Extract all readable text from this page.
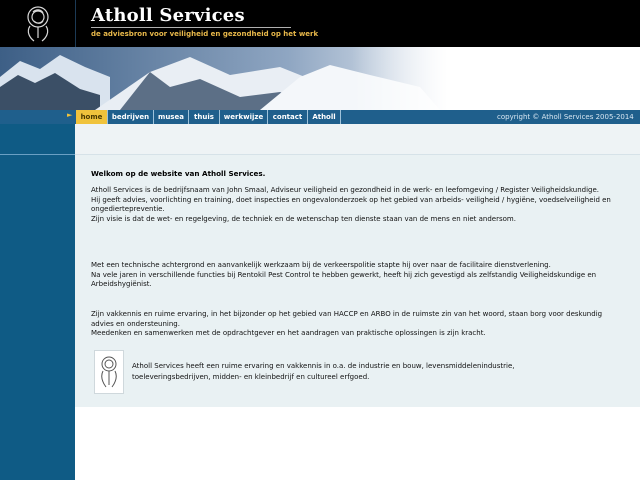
Atholl Services
de adviesbron voor veiligheid en gezondheid op het werk
►	home	bedrijven	musea	thuis	werkwijze	contact	Atholl	copyright © Atholl Services 2005-2014
Welkom op de website van Atholl Services.

Atholl Services is de bedrijfsnaam van John Smaal, Adviseur veiligheid en gezondheid in de werk- en leefomgeving / Register Veiligheidskundige.
Hij geeft advies, voorlichting en training, doet inspecties en ongevalonderzoek op het gebied van arbeids- veiligheid / hygiëne, voedselveiligheid en ongediertepreventie.
Zijn visie is dat de wet- en regelgeving, de techniek en de wetenschap ten dienste staan van de mens en niet andersom.

Met een technische achtergrond en aanvankelijk werkzaam bij de verkeerspolitie stapte hij over naar de facilitaire dienstverlening.
Na vele jaren in verschillende functies bij Rentokil Pest Control te hebben gewerkt, heeft hij zich gevestigd als zelfstandig Veiligheidskundige en Arbeidshygiënist.

Zijn vakkennis en ruime ervaring, in het bijzonder op het gebied van HACCP en ARBO in de ruimste zin van het woord, staan borg voor deskundig advies en ondersteuning.
Meedenken en samenwerken met de opdrachtgever en het aandragen van praktische oplossingen is zijn kracht.

Atholl Services heeft een ruime ervaring en vakkennis in o.a. de industrie en bouw, levensmiddelenindustrie, toeleveringsbedrijven, midden- en kleinbedrijf en cultureel erfgoed.
